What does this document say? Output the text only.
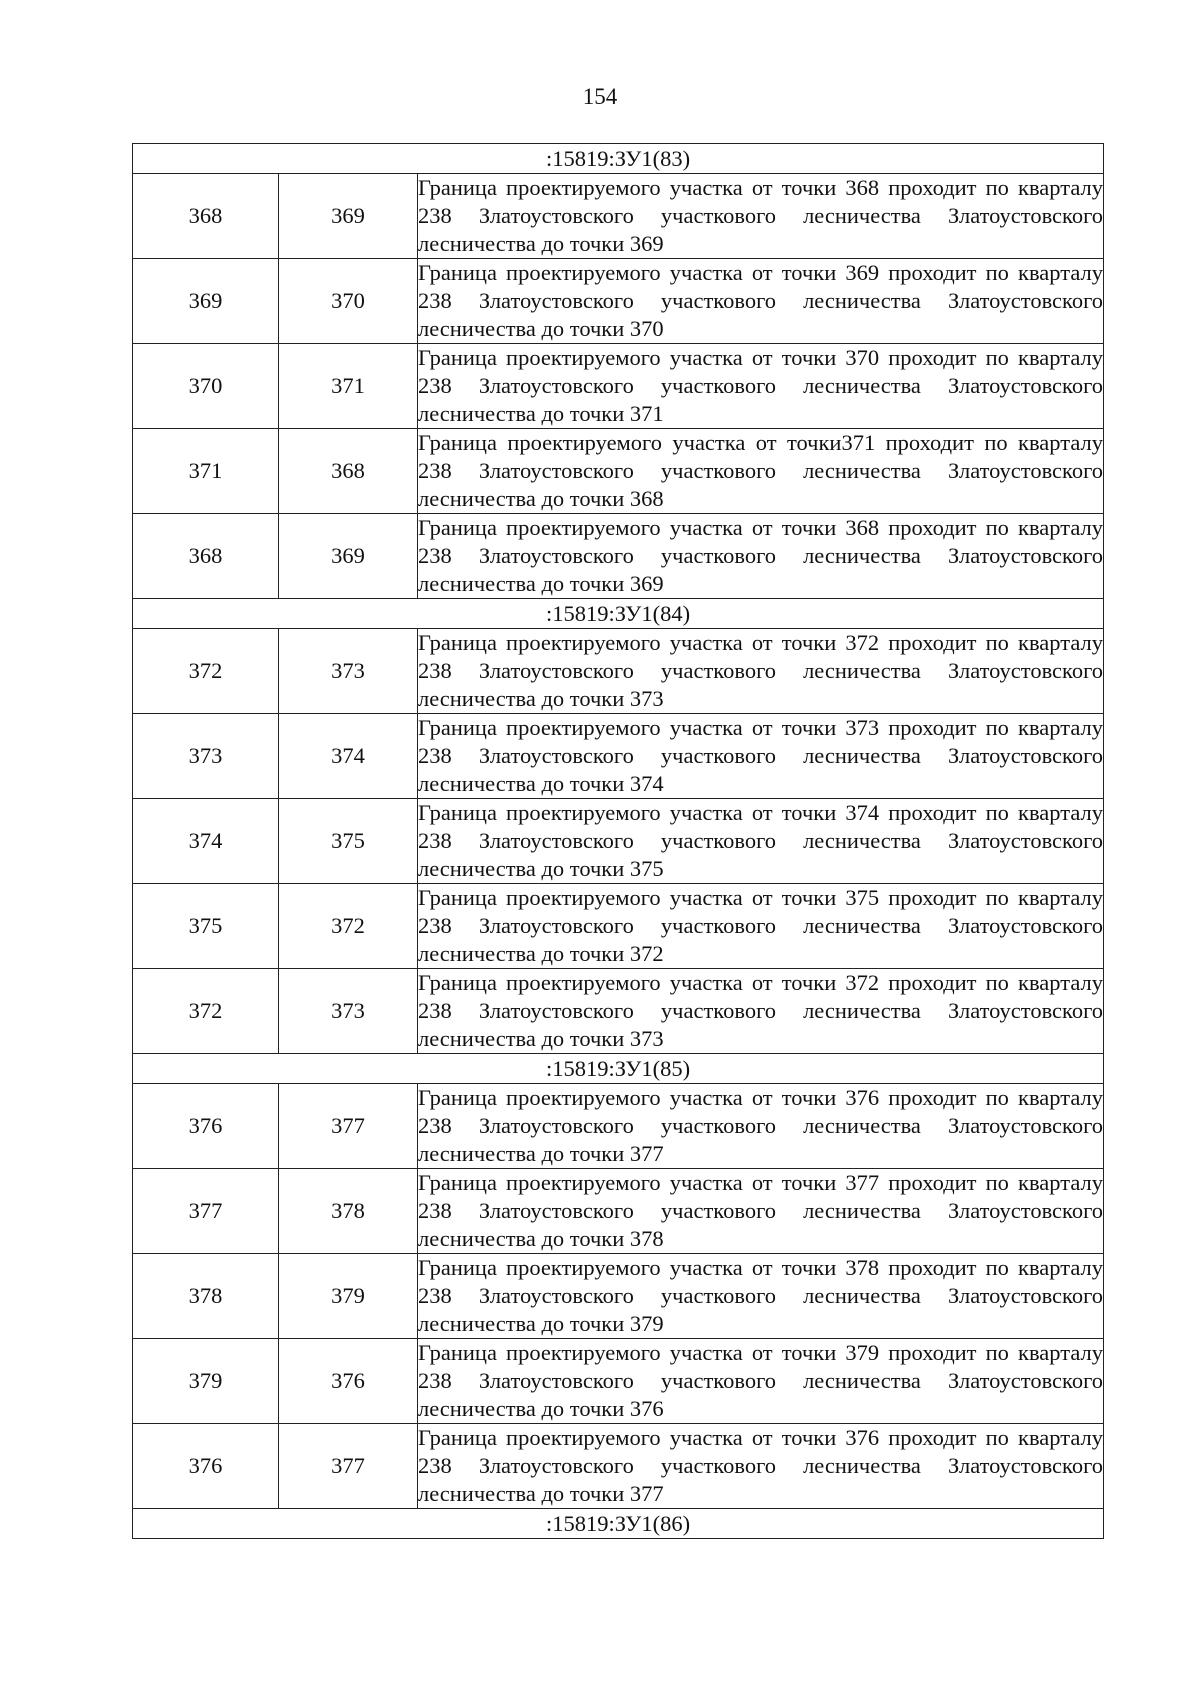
154
:15819:ЗУ1(83)		
368	369	Граница проектируемого участка от точки 368 проходит по кварталу 238 Златоустовского участкового лесничества Златоустовского лесничества до точки 369

369	370	Граница проектируемого участка от точки 369 проходит по кварталу 238 Златоустовского участкового лесничества Златоустовского лесничества до точки 370

370	371	Граница проектируемого участка от точки 370 проходит по кварталу 238 Златоустовского участкового лесничества Златоустовского лесничества до точки 371

371	368	Граница проектируемого участка от точки371 проходит по кварталу 238 Златоустовского участкового лесничества Златоустовского лесничества до точки 368

368	369	Граница проектируемого участка от точки 368 проходит по кварталу 238 Златоустовского участкового лесничества Златоустовского лесничества до точки 369

:15819:ЗУ1(84)		
372	373	Граница проектируемого участка от точки 372 проходит по кварталу 238 Златоустовского участкового лесничества Златоустовского лесничества до точки 373

373	374	Граница проектируемого участка от точки 373 проходит по кварталу 238 Златоустовского участкового лесничества Златоустовского лесничества до точки 374

374	375	Граница проектируемого участка от точки 374 проходит по кварталу 238 Златоустовского участкового лесничества Златоустовского лесничества до точки 375

375	372	Граница проектируемого участка от точки 375 проходит по кварталу 238 Златоустовского участкового лесничества Златоустовского лесничества до точки 372

372	373	Граница проектируемого участка от точки 372 проходит по кварталу 238 Златоустовского участкового лесничества Златоустовского лесничества до точки 373

:15819:ЗУ1(85)		
376	377	Граница проектируемого участка от точки 376 проходит по кварталу 238 Златоустовского участкового лесничества Златоустовского лесничества до точки 377

377	378	Граница проектируемого участка от точки 377 проходит по кварталу 238 Златоустовского участкового лесничества Златоустовского лесничества до точки 378

378	379	Граница проектируемого участка от точки 378 проходит по кварталу 238 Златоустовского участкового лесничества Златоустовского лесничества до точки 379

379	376	Граница проектируемого участка от точки 379 проходит по кварталу 238 Златоустовского участкового лесничества Златоустовского лесничества до точки 376

376	377	Граница проектируемого участка от точки 376 проходит по кварталу 238 Златоустовского участкового лесничества Златоустовского лесничества до точки 377

:15819:ЗУ1(86)		
